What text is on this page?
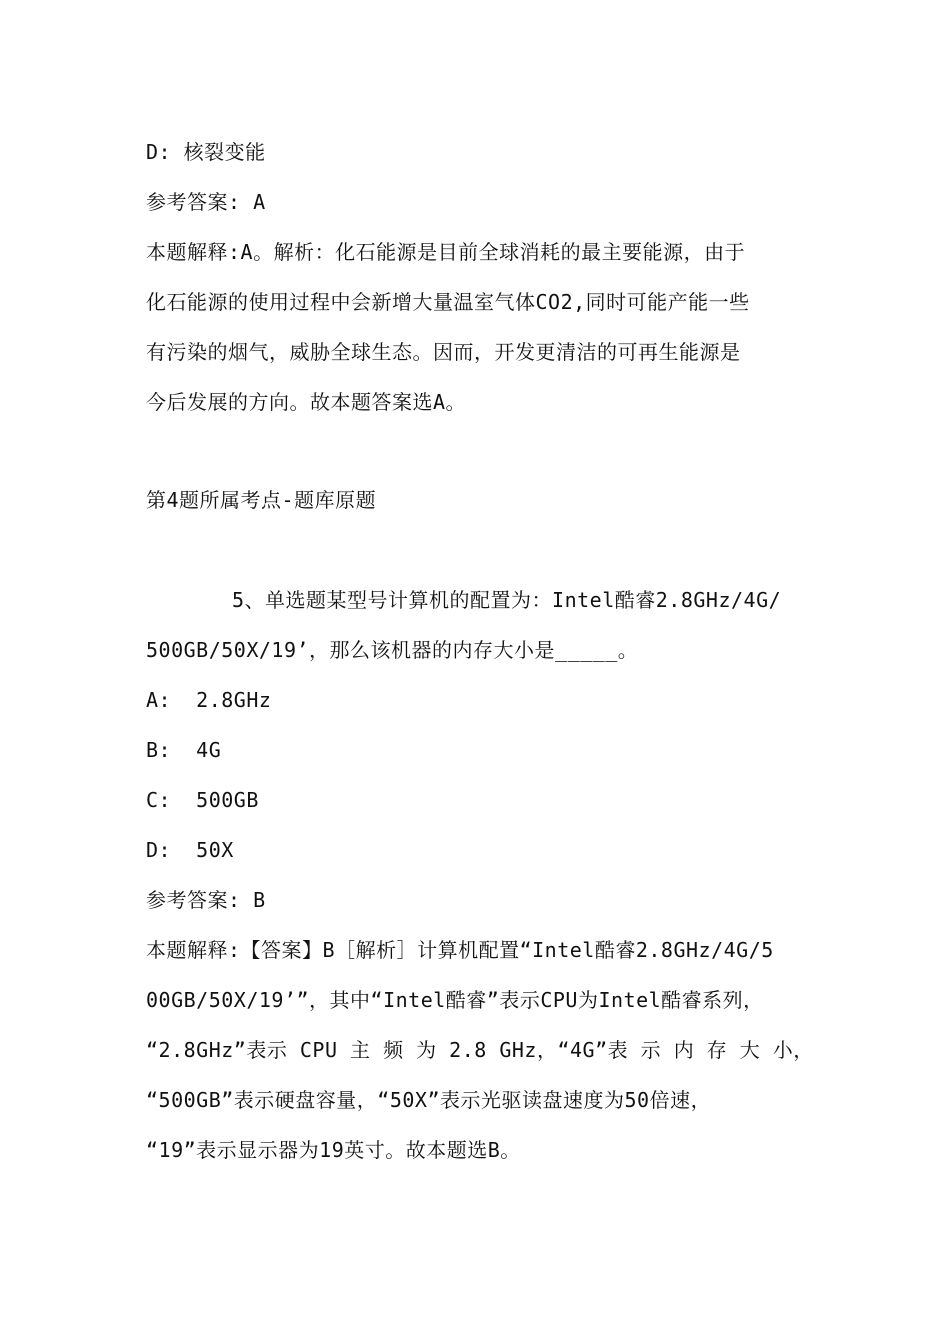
D: 核裂变能
参考答案: A
本题解释:A。解析：化石能源是目前全球消耗的最主要能源，由于
化石能源的使用过程中会新增大量温室气体CO2,同时可能产能一些
有污染的烟气，威胁全球生态。因而，开发更清洁的可再生能源是
今后发展的方向。故本题答案选A。
第4题所属考点-题库原题
5、单选题某型号计算机的配置为：Intel酷睿2.8GHz/4G/
500GB/50X/19’，那么该机器的内存大小是_____。
A:  2.8GHz
B:  4G
C:  500GB
D:  50X
参考答案: B
本题解释:【答案】B［解析］计算机配置“Intel酷睿2.8GHz/4G/5
00GB/50X/19’”，其中“Intel酷睿”表示CPU为Intel酷睿系列，
“2.8GHz”表示 CPU 主 频 为 2.8 GHz，“4G”表 示 内 存 大 小，
“500GB”表示硬盘容量，“50X”表示光驱读盘速度为50倍速，
“19”表示显示器为19英寸。故本题选B。
